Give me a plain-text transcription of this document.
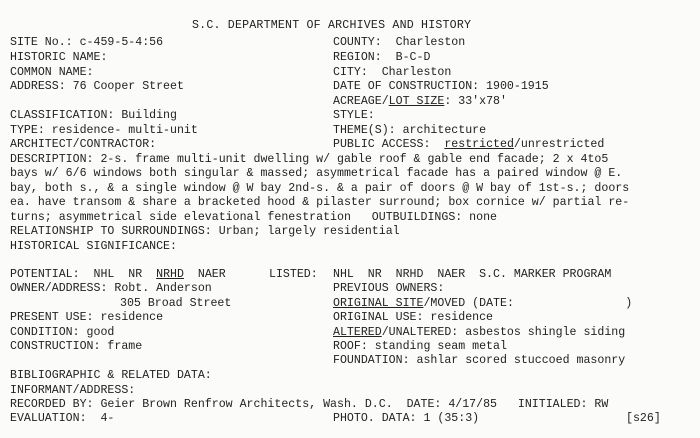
S.C. DEPARTMENT OF ARCHIVES AND HISTORY
SITE No.: c-459-5-4:56
HISTORIC NAME:
COMMON NAME:
ADDRESS: 76 Cooper Street
CLASSIFICATION: Building
TYPE: residence- multi-unit
ARCHITECT/CONTRACTOR:
COUNTY:  Charleston
REGION:  B-C-D
CITY:  Charleston
DATE OF CONSTRUCTION: 1900-1915
ACREAGE/LOT SIZE: 33'x78'
STYLE:
THEME(S): architecture
PUBLIC ACCESS:  restricted/unrestricted
DESCRIPTION: 2-s. frame multi-unit dwelling w/ gable roof & gable end facade; 2 x 4to5
bays w/ 6/6 windows both singular & massed; asymmetrical facade has a paired window @ E.
bay, both s., & a single window @ W bay 2nd-s. & a pair of doors @ W bay of 1st-s.; doors
ea. have transom & share a bracketed hood & pilaster surround; box cornice w/ partial re-
turns; asymmetrical side elevational fenestration   OUTBUILDINGS: none
RELATIONSHIP TO SURROUNDINGS: Urban; largely residential
HISTORICAL SIGNIFICANCE:
POTENTIAL:  NHL  NR  NRHD  NAER	LISTED: NHL  NR  NRHD  NAER  S.C. MARKER PROGRAM
OWNER/ADDRESS: Robt. Anderson
305 Broad Street
PREVIOUS OWNERS:
ORIGINAL SITE/MOVED (DATE:                )
PRESENT USE: residence	ORIGINAL USE: residence
CONDITION: good	ALTERED/UNALTERED: asbestos shingle siding
CONSTRUCTION: frame	ROOF: standing seam metal
FOUNDATION: ashlar scored stuccoed masonry
BIBLIOGRAPHIC & RELATED DATA:
INFORMANT/ADDRESS:
RECORDED BY: Geier Brown Renfrow Architects, Wash. D.C.  DATE: 4/17/85   INITIALED: RW
EVALUATION:  4-	PHOTO. DATA: 1 (35:3)	[s26]
